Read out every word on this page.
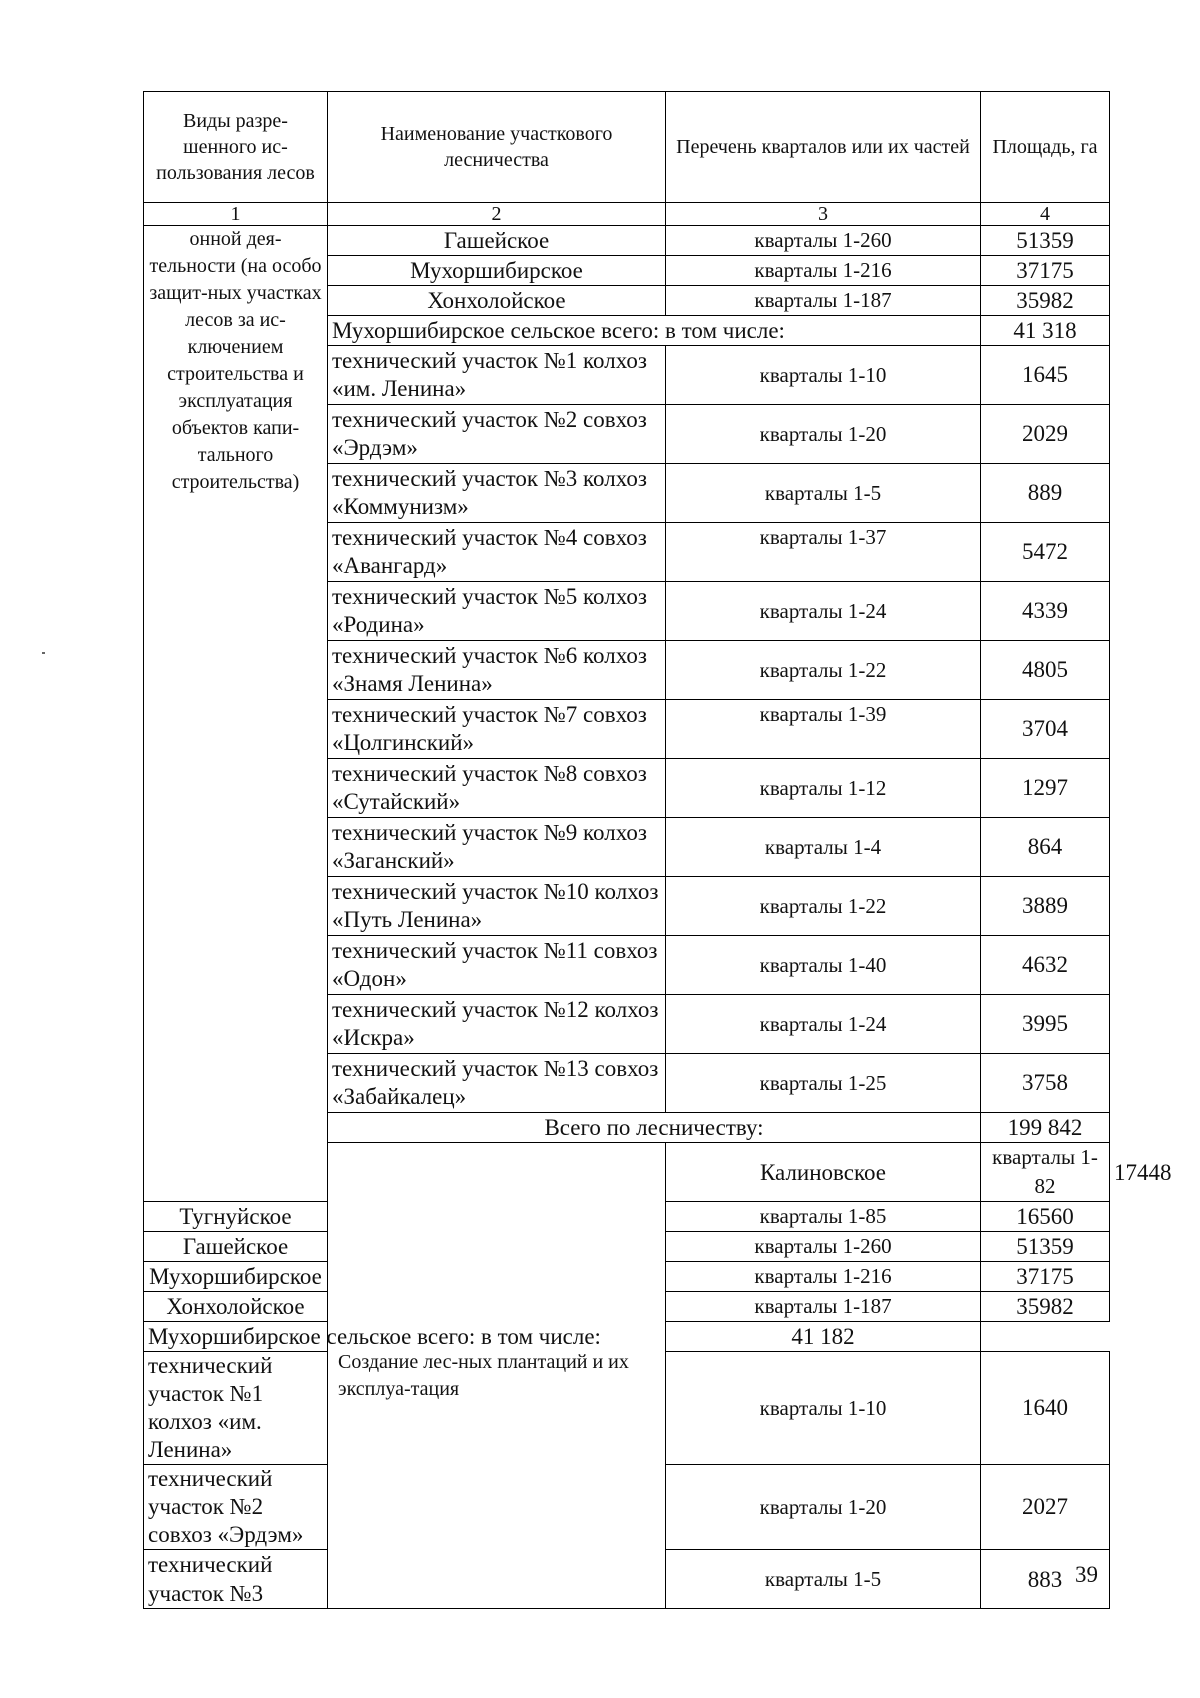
Виды разре-шенного ис-пользования лесов	Наименование участкового лесничества	Перечень кварталов или их частей	Площадь, га	
1	2	3	4	
онной дея-тельности (на особо защит-ных участках лесов за ис-ключением строительства и эксплуатация объектов капи-тального строительства)	Гашейское	кварталы 1-260	51359	
	Мухоршибирское	кварталы 1-216	37175	
	Хонхолойское	кварталы 1-187	35982	
	Мухоршибирское сельское всего: в том числе:		41 318	
	технический участок №1 колхоз «им. Ленина»	кварталы 1-10	1645	
	технический участок №2 совхоз «Эрдэм»	кварталы 1-20	2029	
	технический участок №3 колхоз «Коммунизм»	кварталы 1-5	889	
	технический участок №4 совхоз «Авангард»	кварталы 1-37	5472	
	технический участок №5 колхоз «Родина»	кварталы 1-24	4339	
	технический участок №6 колхоз «Знамя Ленина»	кварталы 1-22	4805	
	технический участок №7 совхоз «Цолгинский»	кварталы 1-39	3704	
	технический участок №8 совхоз «Сутайский»	кварталы 1-12	1297	
	технический участок №9 колхоз «Заганский»	кварталы 1-4	864	
	технический участок №10 колхоз «Путь Ленина»	кварталы 1-22	3889	
	технический участок №11 совхоз «Одон»	кварталы 1-40	4632	
	технический участок №12 колхоз «Искра»	кварталы 1-24	3995	
	технический участок №13 совхоз «Забайкалец»	кварталы 1-25	3758	
	Всего по лесничеству:		199 842	
	Создание лес-ных плантаций и их эксплуа-тация	Калиновское	кварталы 1-82	17448
Тугнуйское		кварталы 1-85	16560	
Гашейское		кварталы 1-260	51359	
Мухоршибирское		кварталы 1-216	37175	
Хонхолойское		кварталы 1-187	35982	
Мухоршибирское сельское всего: в том числе:		41 182		
технический участок №1 колхоз «им. Ленина»		кварталы 1-10	1640	
технический участок №2 совхоз «Эрдэм»		кварталы 1-20	2027	
технический участок №3		кварталы 1-5	883	39
